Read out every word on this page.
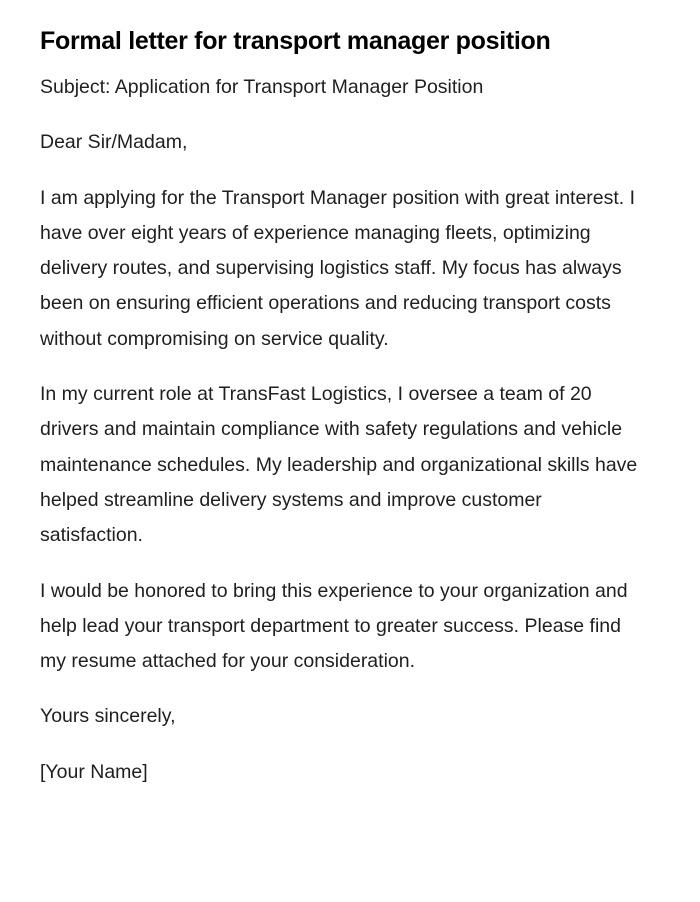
Formal letter for transport manager position

Subject: Application for Transport Manager Position

Dear Sir/Madam,

I am applying for the Transport Manager position with great interest. I have over eight years of experience managing fleets, optimizing delivery routes, and supervising logistics staff. My focus has always been on ensuring efficient operations and reducing transport costs without compromising on service quality.

In my current role at TransFast Logistics, I oversee a team of 20 drivers and maintain compliance with safety regulations and vehicle maintenance schedules. My leadership and organizational skills have helped streamline delivery systems and improve customer satisfaction.

I would be honored to bring this experience to your organization and help lead your transport department to greater success. Please find my resume attached for your consideration.

Yours sincerely,

[Your Name]
